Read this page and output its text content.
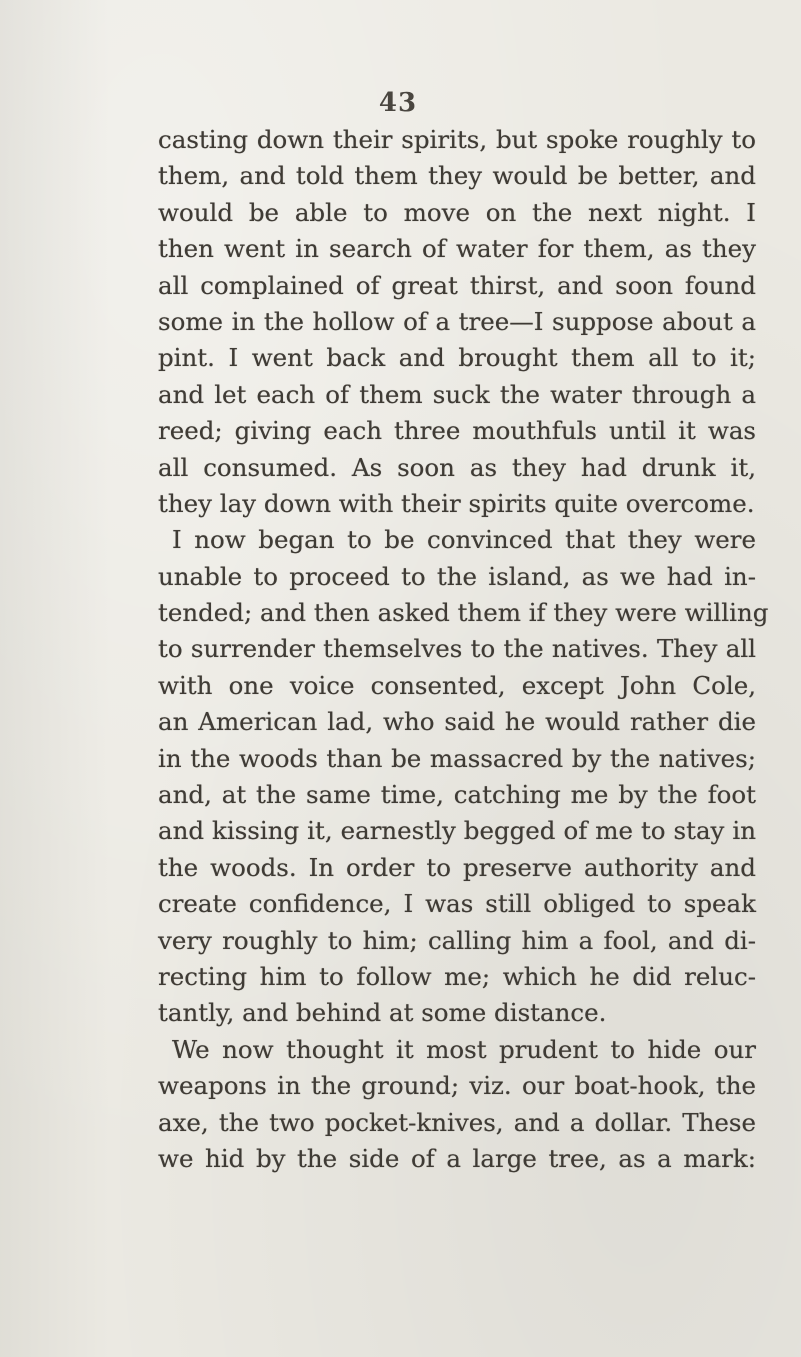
43
casting down their spirits, but spoke roughly to
them, and told them they would be better, and
would be able to move on the next night. I
then went in search of water for them, as they
all complained of great thirst, and soon found
some in the hollow of a tree—I suppose about a
pint. I went back and brought them all to it;
and let each of them suck the water through a
reed; giving each three mouthfuls until it was
all consumed. As soon as they had drunk it,
they lay down with their spirits quite overcome.
I now began to be convinced that they were
unable to proceed to the island, as we had in-
tended; and then asked them if they were willing
to surrender themselves to the natives. They all
with one voice consented, except John Cole,
an American lad, who said he would rather die
in the woods than be massacred by the natives;
and, at the same time, catching me by the foot
and kissing it, earnestly begged of me to stay in
the woods. In order to preserve authority and
create confidence, I was still obliged to speak
very roughly to him; calling him a fool, and di-
recting him to follow me; which he did reluc-
tantly, and behind at some distance.
We now thought it most prudent to hide our
weapons in the ground; viz. our boat-hook, the
axe, the two pocket-knives, and a dollar. These
we hid by the side of a large tree, as a mark:
